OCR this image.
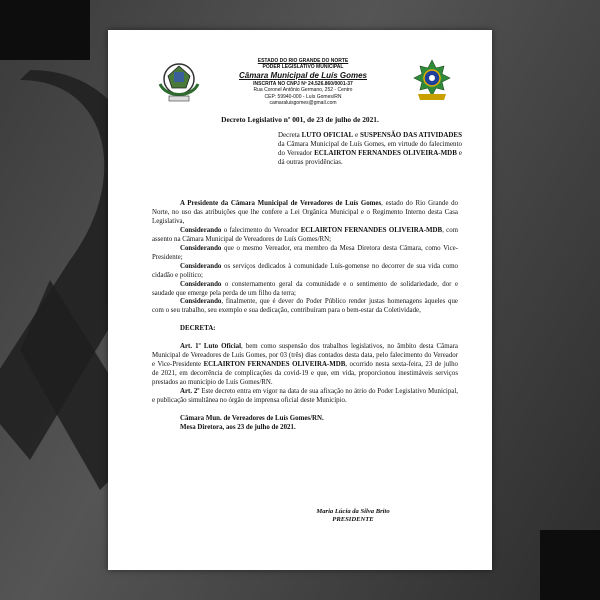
ESTADO DO RIO GRANDE DO NORTE
PODER LEGISLATIVO MUNICIPAL
Câmara Municipal de Luís Gomes
INSCRITA NO CNPJ Nº 24.526.860/0001-37
Rua Coronel Antônio Germano, 252 - Centro
CEP: 59940-000 - Luís Gomes/RN
camaraluisgomes@gmail.com
Decreto Legislativo nº 001, de 23 de julho de 2021.
Decreta LUTO OFICIAL e SUSPENSÃO DAS ATIVIDADES da Câmara Municipal de Luís Gomes, em virtude do falecimento do Vereador ECLAIRTON FERNANDES OLIVEIRA-MDB e dá outras providências.

A Presidente da Câmara Municipal de Vereadores de Luís Gomes, estado do Rio Grande do Norte, no uso das atribuições que lhe confere a Lei Orgânica Municipal e o Regimento Interno desta Casa Legislativa,

Considerando o falecimento do Vereador ECLAIRTON FERNANDES OLIVEIRA-MDB, com assento na Câmara Municipal de Vereadores de Luís Gomes/RN;

Considerando que o mesmo Vereador, era membro da Mesa Diretora desta Câmara, como Vice-Presidente;

Considerando os serviços dedicados à comunidade Luís-gomense no decorrer de sua vida como cidadão e político;

Considerando o consternamento geral da comunidade e o sentimento de solidariedade, dor e saudade que emerge pela perda de um filho da terra;

Considerando, finalmente, que é dever do Poder Público render justas homenagens àqueles que com o seu trabalho, seu exemplo e sua dedicação, contribuíram para o bem-estar da Coletividade,

DECRETA:

Art. 1º Luto Oficial, bem como suspensão dos trabalhos legislativos, no âmbito desta Câmara Municipal de Vereadores de Luís Gomes, por 03 (três) dias contados desta data, pelo falecimento do Vereador e Vice-Presidente ECLAIRTON FERNANDES OLIVEIRA-MDB, ocorrido nesta sexta-feira, 23 de julho de 2021, em decorrência de complicações da covid-19 e que, em vida, proporcionou inestimáveis serviços prestados ao município de Luís Gomes/RN.

Art. 2º Este decreto entra em vigor na data de sua afixação no átrio do Poder Legislativo Municipal, e publicação simultânea no órgão de imprensa oficial deste Município.

Câmara Mun. de Vereadores de Luís Gomes/RN.

Mesa Diretora, aos 23 de julho de 2021.

Maria Lúcia da Silva Brito
PRESIDENTE
